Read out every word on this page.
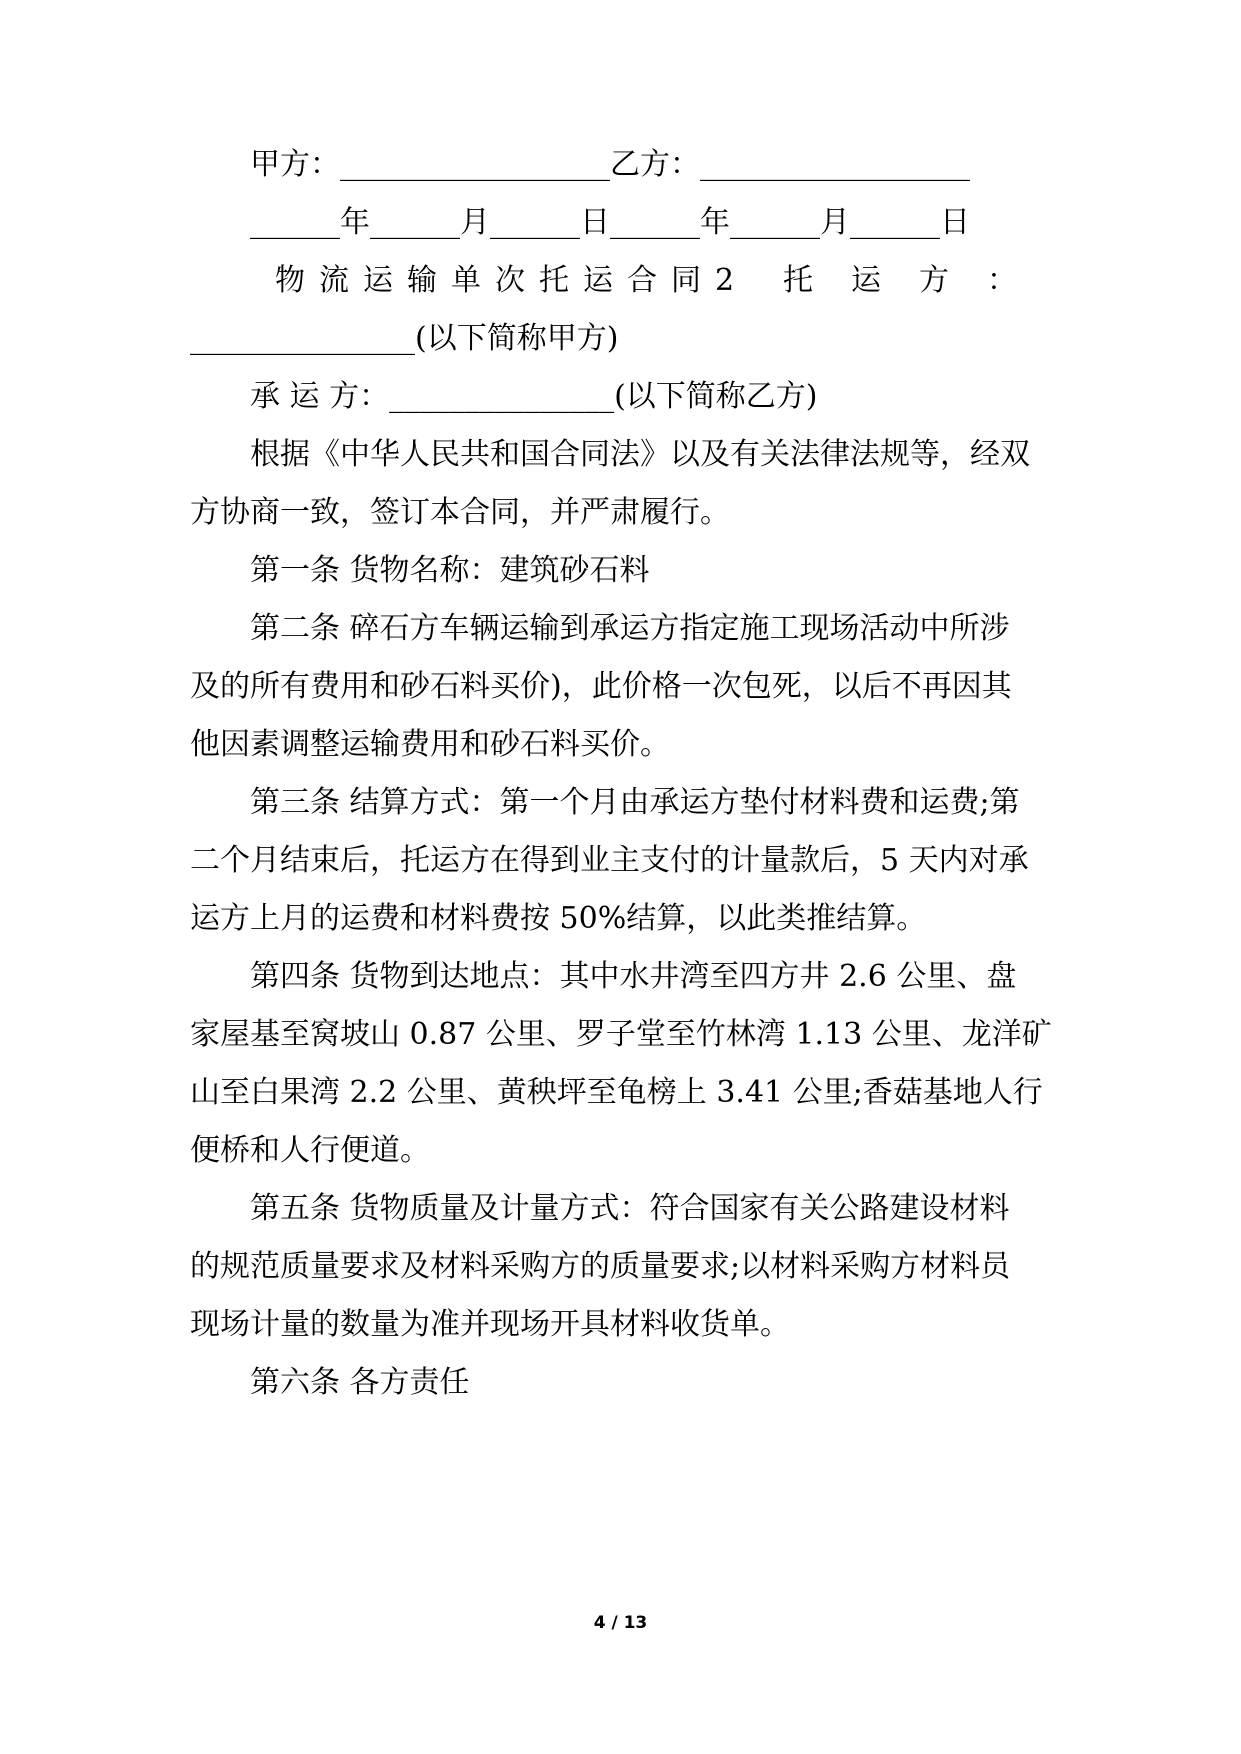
甲方：__________________乙方：__________________
______年______月______日______年______月______日
物流运输单次托运合同2 托运方：
_______________(以下简称甲方)
承 运 方：_______________(以下简称乙方)
根据《中华人民共和国合同法》以及有关法律法规等，经双
方协商一致，签订本合同，并严肃履行。
第一条 货物名称：建筑砂石料
第二条 碎石方车辆运输到承运方指定施工现场活动中所涉
及的所有费用和砂石料买价)，此价格一次包死，以后不再因其
他因素调整运输费用和砂石料买价。
第三条 结算方式：第一个月由承运方垫付材料费和运费;第
二个月结束后，托运方在得到业主支付的计量款后，5 天内对承
运方上月的运费和材料费按 50%结算，以此类推结算。
第四条 货物到达地点：其中水井湾至四方井 2.6 公里、盘
家屋基至窝坡山 0.87 公里、罗子堂至竹林湾 1.13 公里、龙洋矿
山至白果湾 2.2 公里、黄秧坪至龟榜上 3.41 公里;香菇基地人行
便桥和人行便道。
第五条 货物质量及计量方式：符合国家有关公路建设材料
的规范质量要求及材料采购方的质量要求;以材料采购方材料员
现场计量的数量为准并现场开具材料收货单。
第六条 各方责任
4 / 13
